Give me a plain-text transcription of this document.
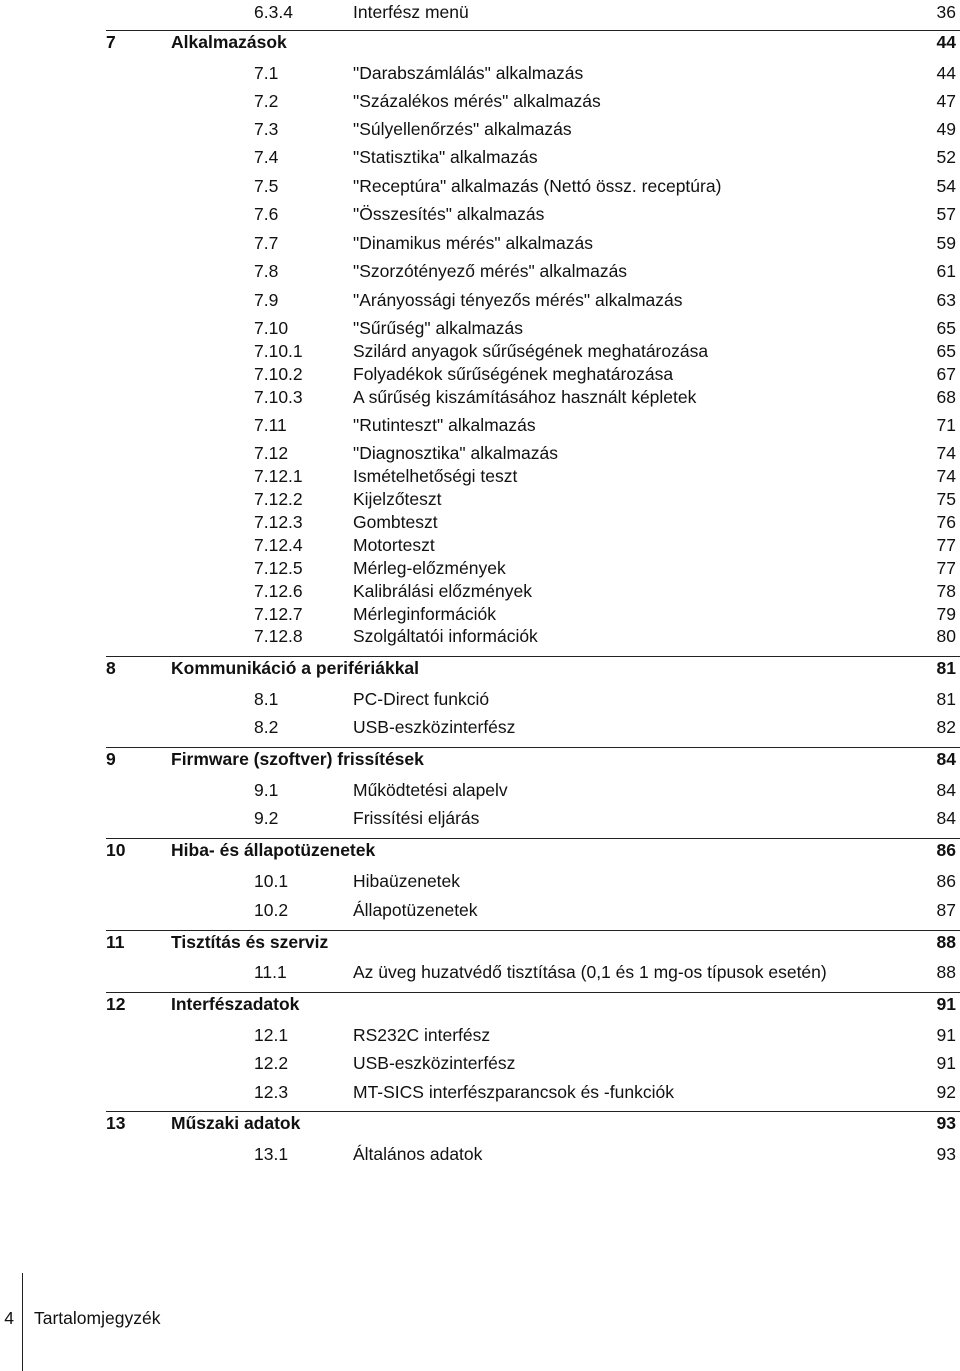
6.3.4	Interfész menü	36
7	Alkalmazások	44
7.1	"Darabszámlálás" alkalmazás	44
7.2	"Százalékos mérés" alkalmazás	47
7.3	"Súlyellenőrzés" alkalmazás	49
7.4	"Statisztika" alkalmazás	52
7.5	"Receptúra" alkalmazás (Nettó össz. receptúra)	54
7.6	"Összesítés" alkalmazás	57
7.7	"Dinamikus mérés" alkalmazás	59
7.8	"Szorzótényező mérés" alkalmazás	61
7.9	"Arányossági tényezős mérés" alkalmazás	63
7.10	"Sűrűség" alkalmazás	65
7.10.1	Szilárd anyagok sűrűségének meghatározása	65
7.10.2	Folyadékok sűrűségének meghatározása	67
7.10.3	A sűrűség kiszámításához használt képletek	68
7.11	"Rutinteszt" alkalmazás	71
7.12	"Diagnosztika" alkalmazás	74
7.12.1	Ismételhetőségi teszt	74
7.12.2	Kijelzőteszt	75
7.12.3	Gombteszt	76
7.12.4	Motorteszt	77
7.12.5	Mérleg-előzmények	77
7.12.6	Kalibrálási előzmények	78
7.12.7	Mérleginformációk	79
7.12.8	Szolgáltatói információk	80
8	Kommunikáció a perifériákkal	81
8.1	PC-Direct funkció	81
8.2	USB-eszközinterfész	82
9	Firmware (szoftver) frissítések	84
9.1	Működtetési alapelv	84
9.2	Frissítési eljárás	84
10	Hiba- és állapotüzenetek	86
10.1	Hibaüzenetek	86
10.2	Állapotüzenetek	87
11	Tisztítás és szerviz	88
11.1	Az üveg huzatvédő tisztítása (0,1 és 1 mg-os típusok esetén)	88
12	Interfészadatok	91
12.1	RS232C interfész	91
12.2	USB-eszközinterfész	91
12.3	MT-SICS interfészparancsok és -funkciók	92
13	Műszaki adatok	93
13.1	Általános adatok	93
4 Tartalomjegyzék
